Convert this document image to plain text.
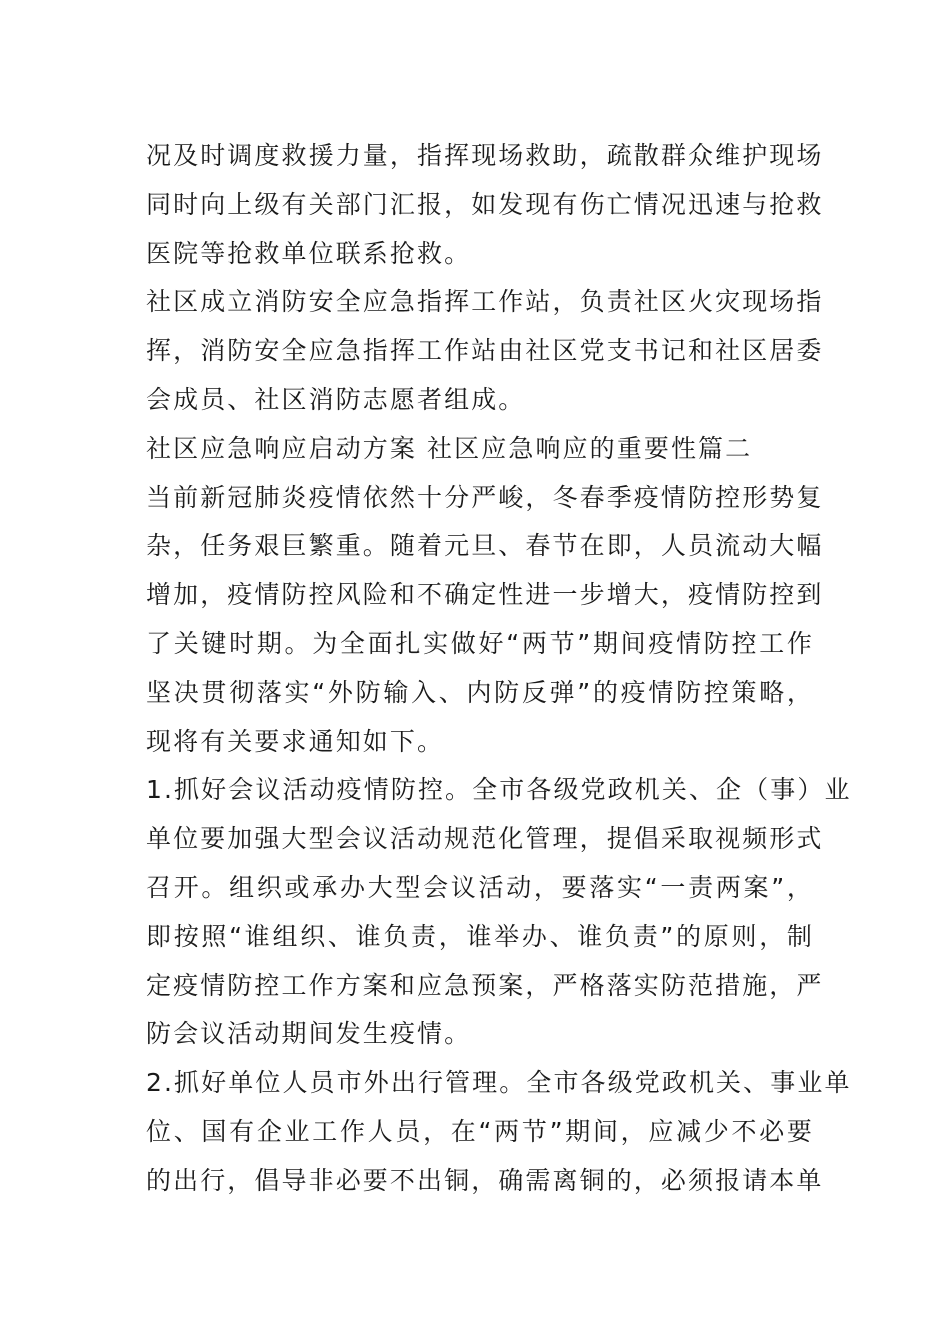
况及时调度救援力量，指挥现场救助，疏散群众维护现场
同时向上级有关部门汇报，如发现有伤亡情况迅速与抢救
医院等抢救单位联系抢救。
社区成立消防安全应急指挥工作站，负责社区火灾现场指
挥，消防安全应急指挥工作站由社区党支书记和社区居委
会成员、社区消防志愿者组成。
社区应急响应启动方案 社区应急响应的重要性篇二
当前新冠肺炎疫情依然十分严峻，冬春季疫情防控形势复
杂，任务艰巨繁重。随着元旦、春节在即，人员流动大幅
增加，疫情防控风险和不确定性进一步增大，疫情防控到
了关键时期。为全面扎实做好“两节”期间疫情防控工作
坚决贯彻落实“外防输入、内防反弹”的疫情防控策略，
现将有关要求通知如下。
1.抓好会议活动疫情防控。全市各级党政机关、企（事）业
单位要加强大型会议活动规范化管理，提倡采取视频形式
召开。组织或承办大型会议活动，要落实“一责两案”，
即按照“谁组织、谁负责，谁举办、谁负责”的原则，制
定疫情防控工作方案和应急预案，严格落实防范措施，严
防会议活动期间发生疫情。
2.抓好单位人员市外出行管理。全市各级党政机关、事业单
位、国有企业工作人员，在“两节”期间，应减少不必要
的出行，倡导非必要不出铜，确需离铜的，必须报请本单
